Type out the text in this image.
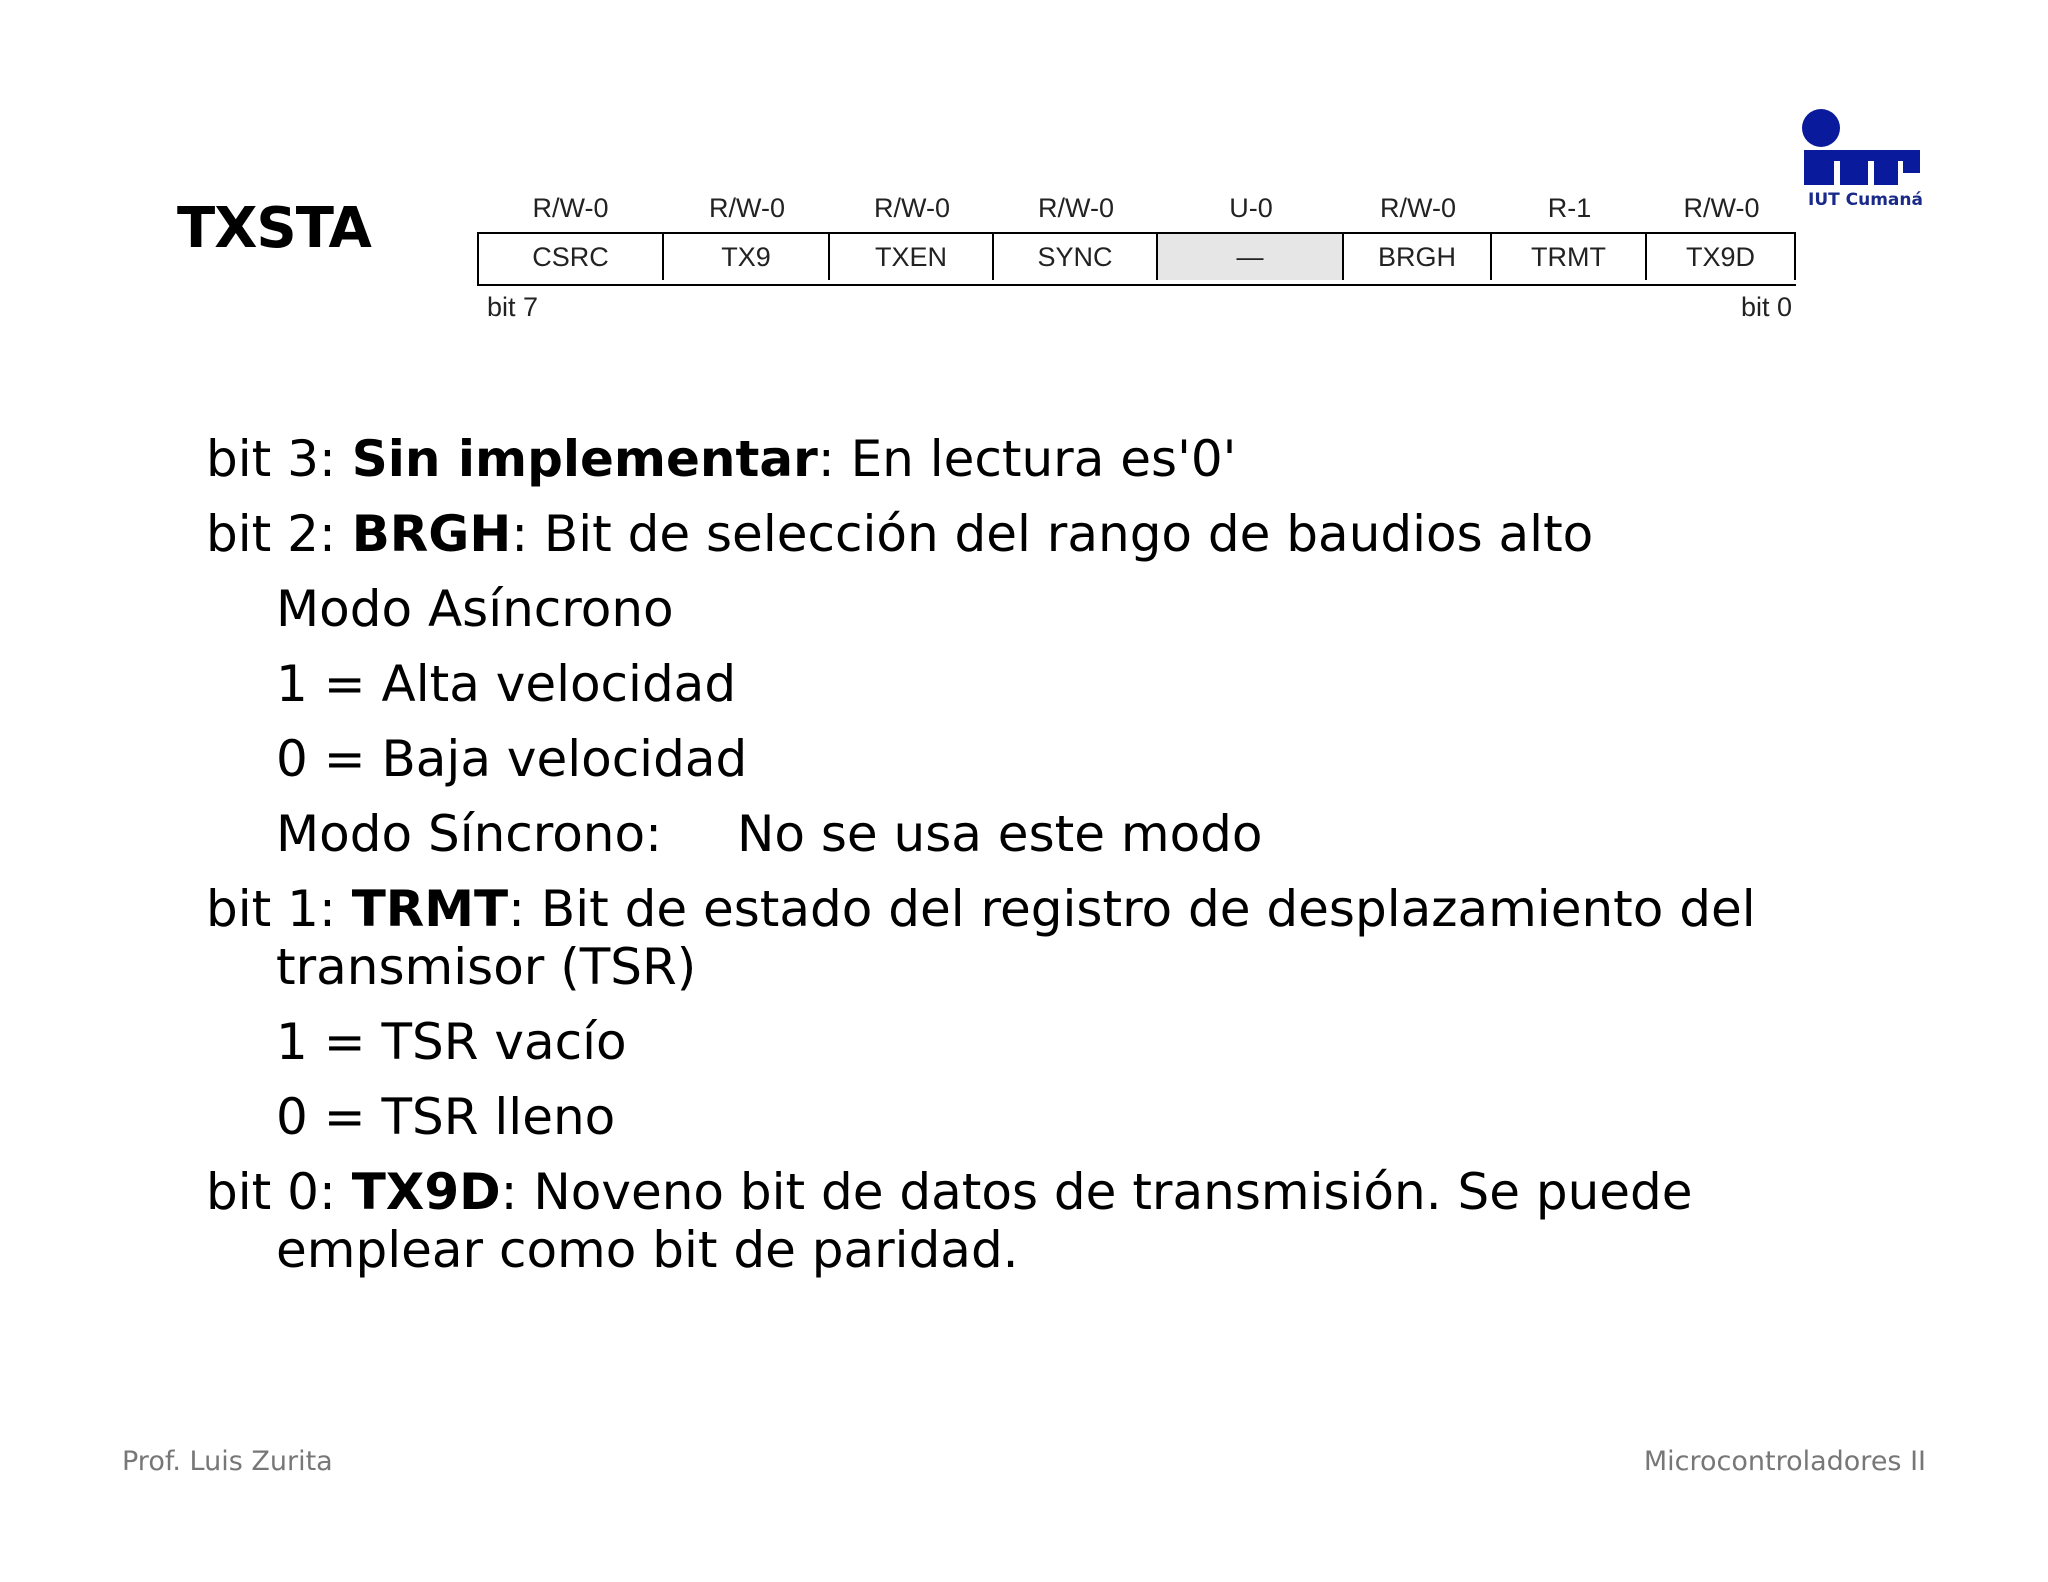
TXSTA	R/W-0	R/W-0	R/W-0	R/W-0	U-0	R/W-0	R-1	R/W-0
CSRC	TX9	TXEN	SYNC	—	BRGH	TRMT	TX9D
bit 7	bit 0
IUT Cumaná

bit 3: Sin implementar: En lectura es'0'

bit 2: BRGH: Bit de selección del rango de baudios alto

Modo Asíncrono

1 = Alta velocidad

0 = Baja velocidad

Modo Síncrono: No se usa este modo

bit 1: TRMT: Bit de estado del registro de desplazamiento del transmisor (TSR)

1 = TSR vacío

0 = TSR lleno

bit 0: TX9D: Noveno bit de datos de transmisión. Se puede emplear como bit de paridad.

Prof. Luis Zurita	Microcontroladores II
